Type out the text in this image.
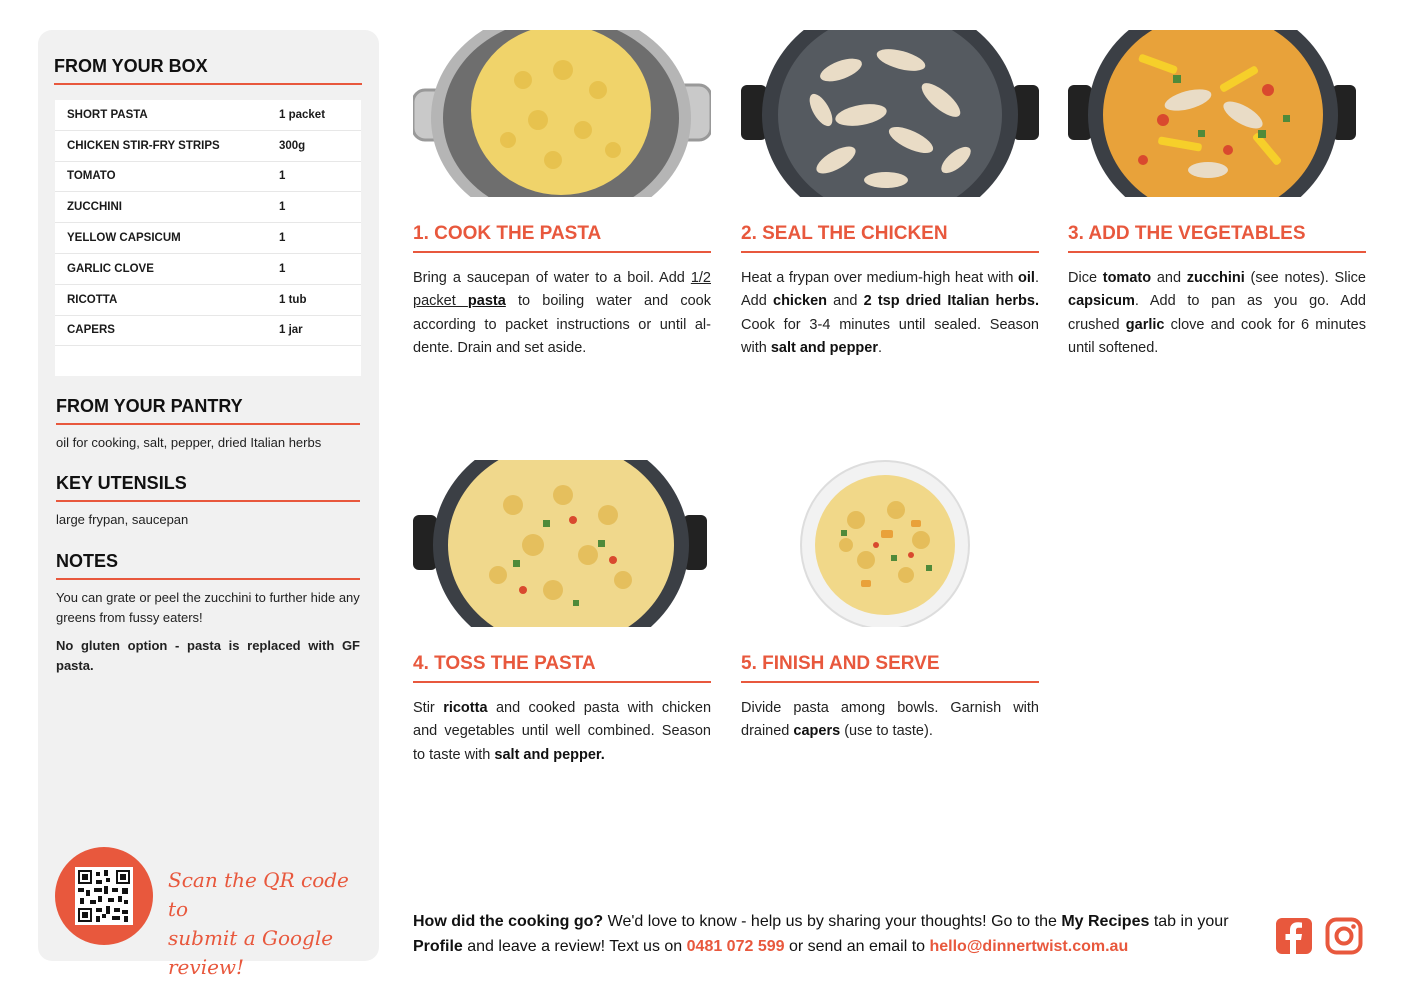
FROM YOUR BOX
SHORT PASTA	1 packet
CHICKEN STIR-FRY STRIPS	300g
TOMATO	1
ZUCCHINI	1
YELLOW CAPSICUM	1
GARLIC CLOVE	1
RICOTTA	1 tub
CAPERS	1 jar
FROM YOUR PANTRY

oil for cooking, salt, pepper, dried Italian herbs

KEY UTENSILS

large frypan, saucepan

NOTES

You can grate or peel the zucchini to further hide any greens from fussy eaters!

No gluten option - pasta is replaced with GF pasta.

Scan the QR code to
submit a Google review!
1. COOK THE PASTA
Bring a saucepan of water to a boil. Add 1/2 packet pasta to boiling water and cook according to packet instructions or until al-dente. Drain and set aside.
2. SEAL THE CHICKEN
Heat a frypan over medium-high heat with oil. Add chicken and 2 tsp dried Italian herbs. Cook for 3-4 minutes until sealed. Season with salt and pepper.
3. ADD THE VEGETABLES
Dice tomato and zucchini (see notes). Slice capsicum. Add to pan as you go. Add crushed garlic clove and cook for 6 minutes until softened.
4. TOSS THE PASTA
Stir ricotta and cooked pasta with chicken and vegetables until well combined. Season to taste with salt and pepper.
5. FINISH AND SERVE
Divide pasta among bowls. Garnish with drained capers (use to taste).
How did the cooking go? We'd love to know - help us by sharing your thoughts! Go to the My Recipes tab in your Profile and leave a review! Text us on 0481 072 599 or send an email to hello@dinnertwist.com.au
